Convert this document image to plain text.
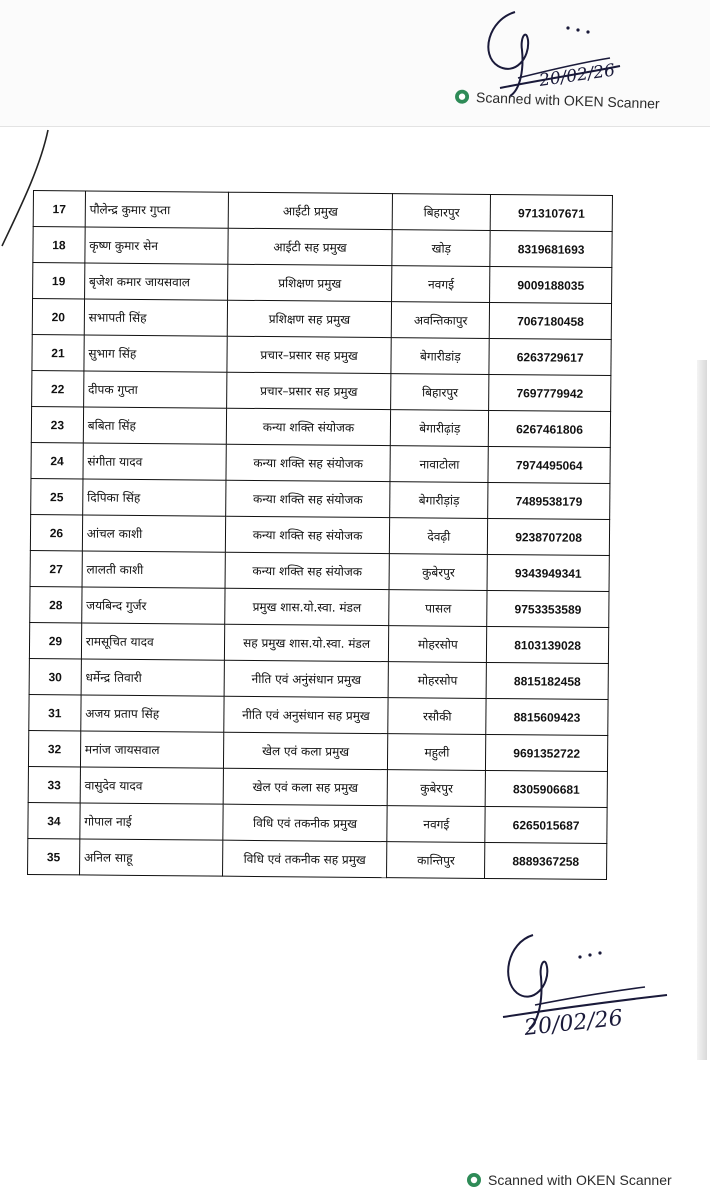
20/02/26
Scanned with OKEN Scanner
17	पौलेन्द्र कुमार गुप्ता	आईटी प्रमुख	बिहारपुर	9713107671
18	कृष्ण कुमार सेन	आईटी सह प्रमुख	खोड़	8319681693
19	बृजेश कमार जायसवाल	प्रशिक्षण प्रमुख	नवगई	9009188035
20	सभापती सिंह	प्रशिक्षण सह प्रमुख	अवन्तिकापुर	7067180458
21	सुभाग सिंह	प्रचार–प्रसार सह प्रमुख	बेगारीडांड़	6263729617
22	दीपक गुप्ता	प्रचार–प्रसार सह प्रमुख	बिहारपुर	7697779942
23	बबिता सिंह	कन्या शक्ति संयोजक	बेगारीढ़ांड़	6267461806
24	संगीता यादव	कन्या शक्ति सह संयोजक	नावाटोला	7974495064
25	दिपिका सिंह	कन्या शक्ति सह संयोजक	बेगारीड़ांड़	7489538179
26	आंचल काशी	कन्या शक्ति सह संयोजक	देवढ़ी	9238707208
27	लालती काशी	कन्या शक्ति सह संयोजक	कुबेरपुर	9343949341
28	जयबिन्द गुर्जर	प्रमुख शास.यो.स्वा. मंडल	पासल	9753353589
29	रामसूचित यादव	सह प्रमुख शास.यो.स्वा. मंडल	मोहरसोप	8103139028
30	धर्मेन्द्र तिवारी	नीति एवं अनुंसंधान प्रमुख	मोहरसोप	8815182458
31	अजय प्रताप सिंह	नीति एवं अनुसंधान सह प्रमुख	रसौकी	8815609423
32	मनांज जायसवाल	खेल एवं कला प्रमुख	महुली	9691352722
33	वासुदेव यादव	खेल एवं कला सह प्रमुख	कुबेरपुर	8305906681
34	गोपाल नाई	विधि एवं तकनीक प्रमुख	नवगई	6265015687
35	अनिल साहू	विधि एवं तकनीक सह प्रमुख	कान्तिपुर	8889367258
20/02/26
Scanned with OKEN Scanner
